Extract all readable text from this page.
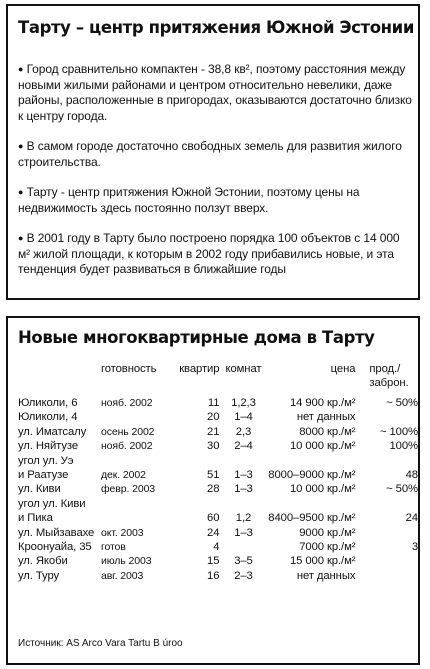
Тарту – центр притяжения Южной Эстонии

● Город сравнительно компактен - 38,8 кв², поэтому расстояния между новыми жилыми районами и центром относительно невелики, даже районы, расположенные в пригородах, оказываются достаточно близко к центру города.

● В самом городе достаточно свободных земель для развития жилого строительства.

● Тарту - центр притяжения Южной Эстонии, поэтому цены на недвижимость здесь постоянно ползут вверх.

● В 2001 году в Тарту было построено порядка 100 объектов с 14 000 м² жилой площади, к которым в 2002 году прибавились новые, и эта тенденция будет развиваться в ближайшие годы

Новые многоквартирные дома в Тарту
	готовность	квартир	комнат	цена	прод./
заброн.
Юликоли, 6	нояб. 2002	11	1,2,3	14 900 кр./м²	~ 50%
Юликоли, 4		20	1–4	нет данных	
ул. Иматсалу	осень 2002	21	2,3	8000 кр./м²	~ 100%
ул. Няйтузе	нояб. 2002	30	2–4	10 000 кр./м²	100%
угол ул. Уэ					
и Раатузе	дек. 2002	51	1–3	8000–9000 кр./м²	48
ул. Киви	февр. 2003	28	1–3	10 000 кр./м²	~ 50%
угол ул. Киви					
и Пика		60	1,2	8400–9500 кр./м²	24
ул. Мыйзавахе	окт. 2003	24	1–3	9000 кр./м²	
Кроонуайа, 35	готов	4		7000 кр./м²	3
ул. Якоби	июль 2003	15	3–5	15 000 кр./м²	
ул. Туру	авг. 2003	16	2–3	нет данных	
Источник: AS Arco Vara Tartu B úroo
